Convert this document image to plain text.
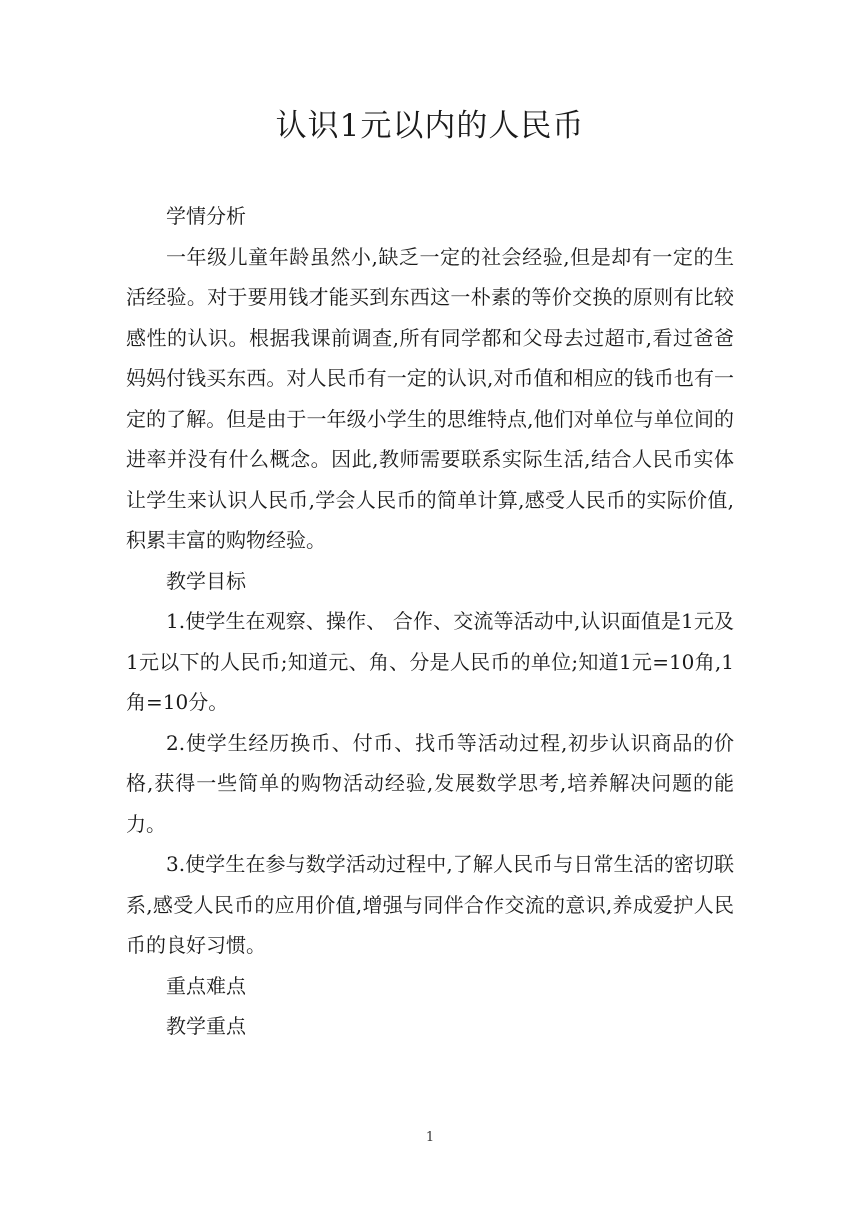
认识1元以内的人民币

学情分析

一年级儿童年龄虽然小,缺乏一定的社会经验,但是却有一定的生活经验。对于要用钱才能买到东西这一朴素的等价交换的原则有比较感性的认识。根据我课前调查,所有同学都和父母去过超市,看过爸爸妈妈付钱买东西。对人民币有一定的认识,对币值和相应的钱币也有一定的了解。但是由于一年级小学生的思维特点,他们对单位与单位间的进率并没有什么概念。因此,教师需要联系实际生活,结合人民币实体让学生来认识人民币,学会人民币的简单计算,感受人民币的实际价值,积累丰富的购物经验。

教学目标

1.使学生在观察、操作、 合作、交流等活动中,认识面值是1元及1元以下的人民币;知道元、角、分是人民币的单位;知道1元=10角,1角=10分。

2.使学生经历换币、付币、找币等活动过程,初步认识商品的价格,获得一些简单的购物活动经验,发展数学思考,培养解决问题的能力。

3.使学生在参与数学活动过程中,了解人民币与日常生活的密切联系,感受人民币的应用价值,增强与同伴合作交流的意识,养成爱护人民币的良好习惯。

重点难点

教学重点

1
